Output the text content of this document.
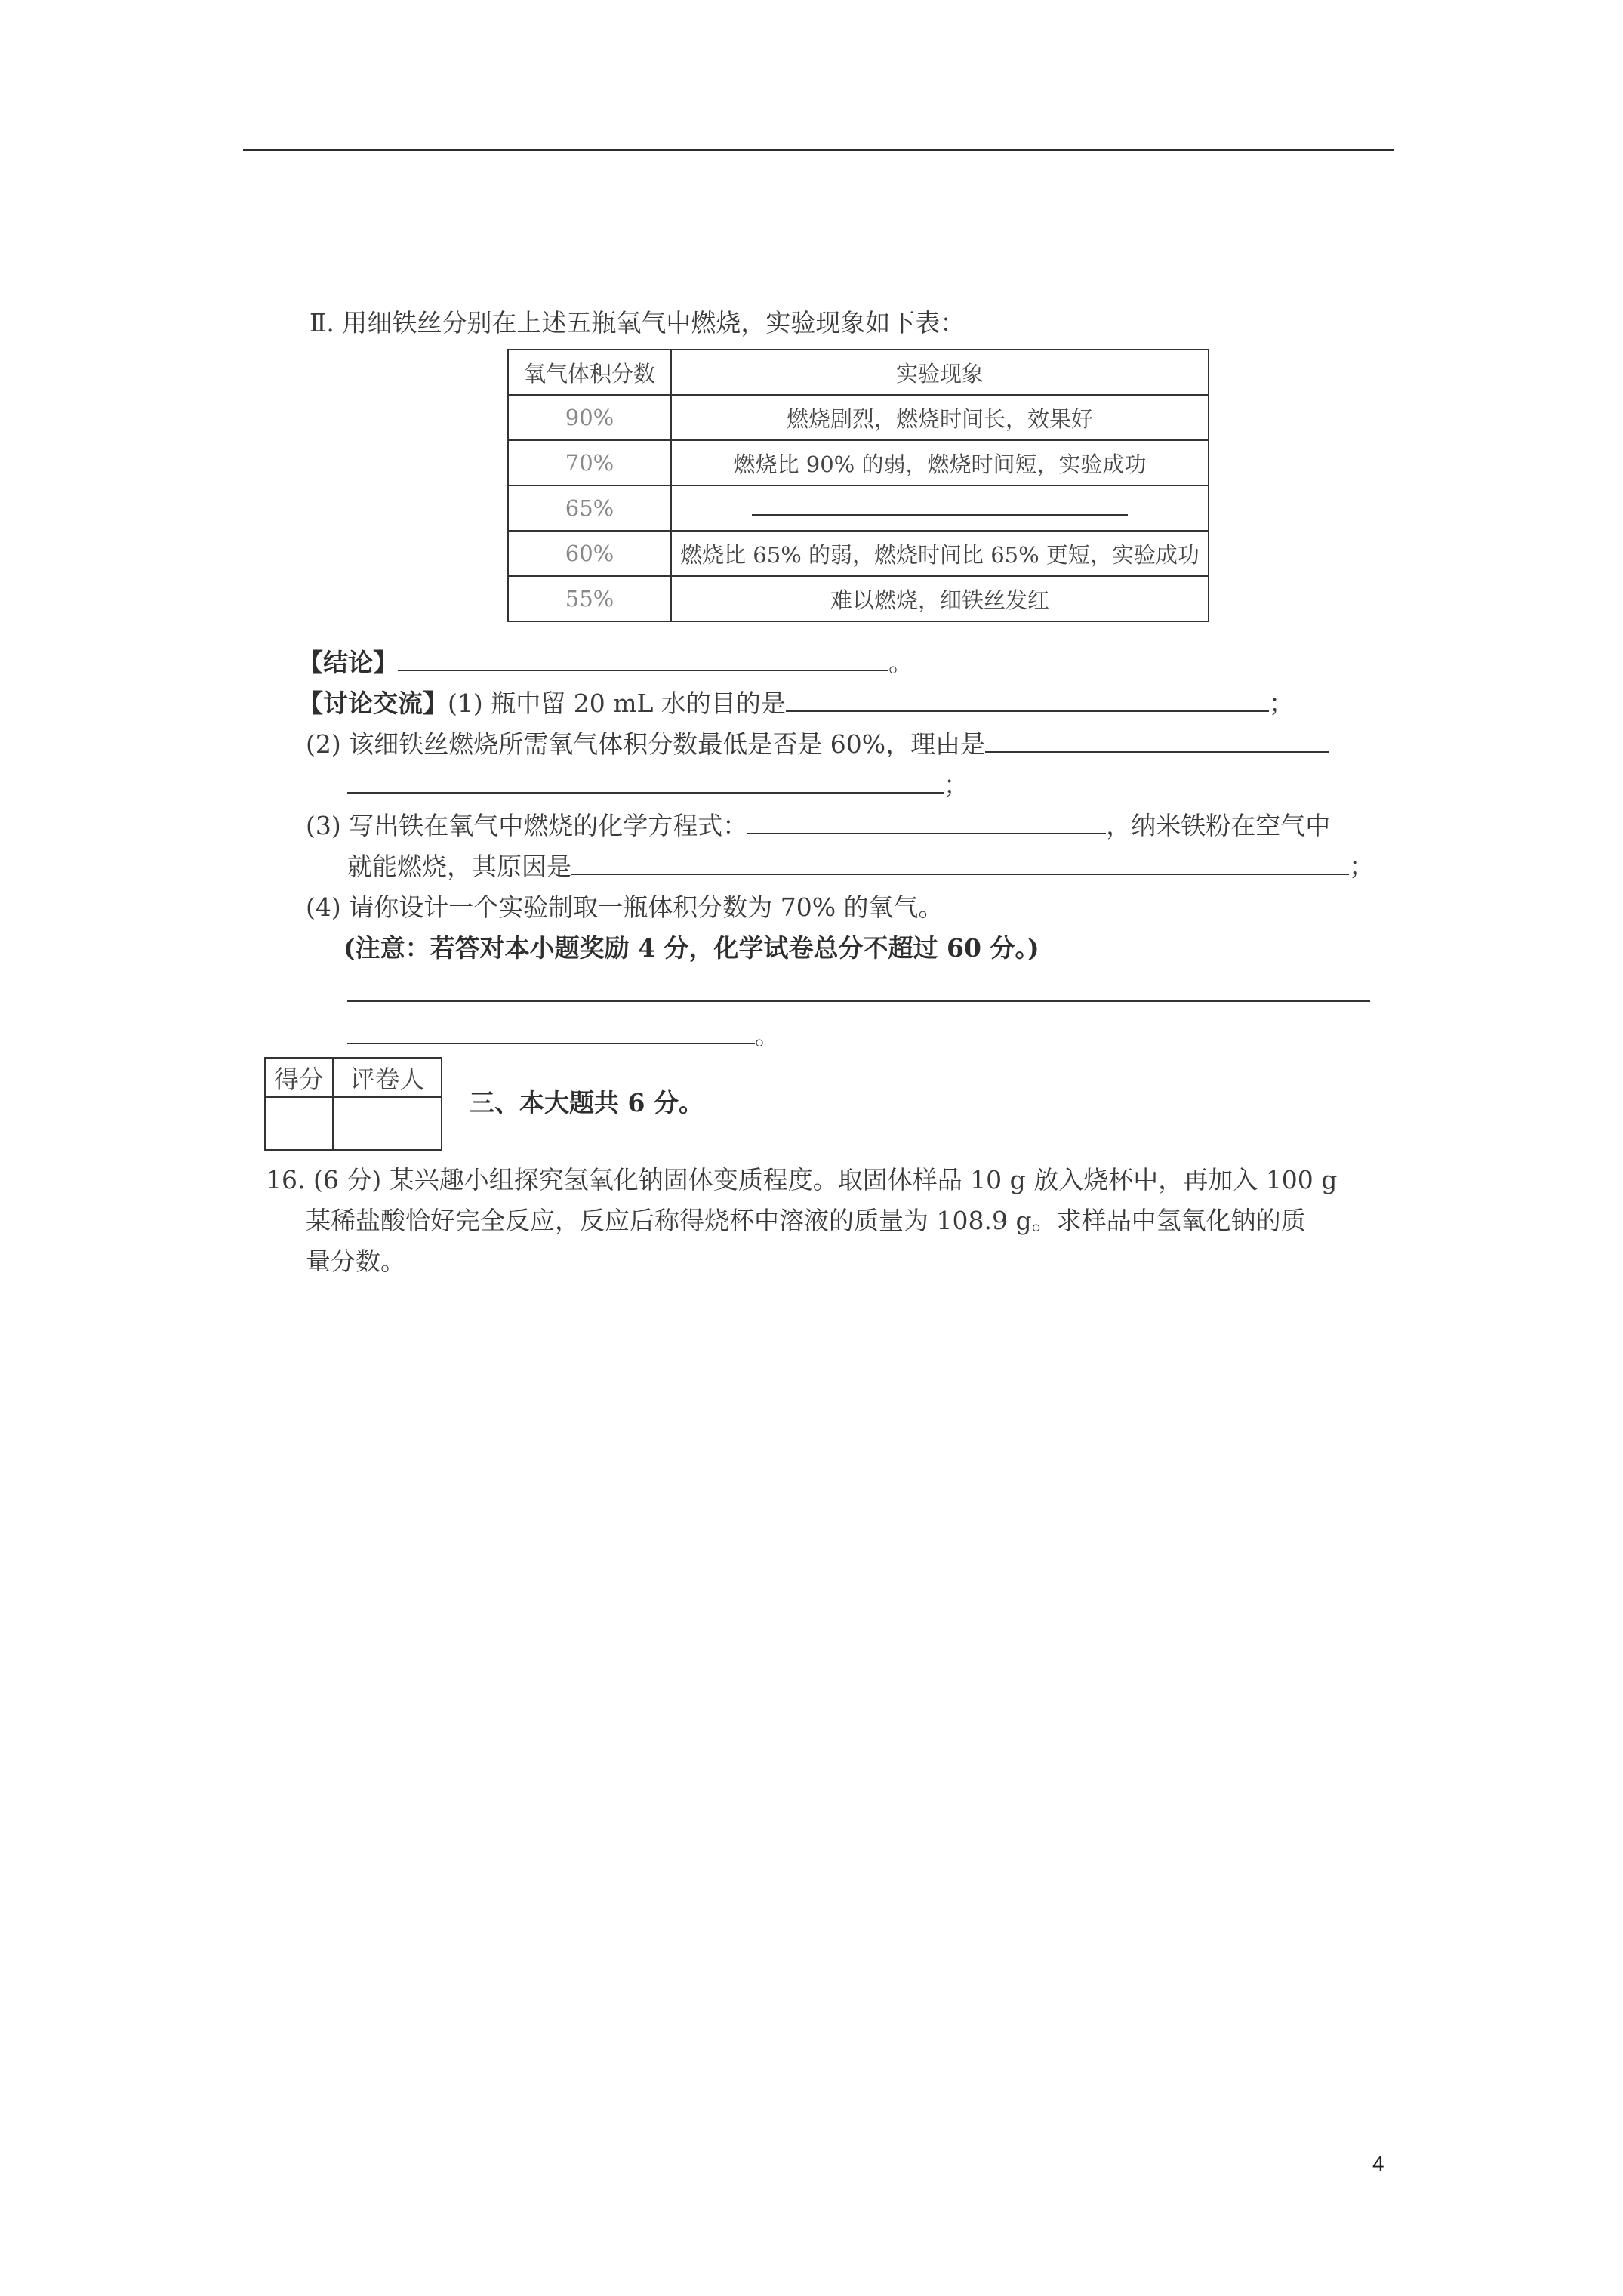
Ⅱ. 用细铁丝分别在上述五瓶氧气中燃烧，实验现象如下表：
氧气体积分数	实验现象
90%	燃烧剧烈，燃烧时间长，效果好
70%	燃烧比 90% 的弱，燃烧时间短，实验成功
65%	
60%	燃烧比 65% 的弱，燃烧时间比 65% 更短，实验成功
55%	难以燃烧，细铁丝发红
【结论】	。
【讨论交流】(1) 瓶中留 20 mL 水的目的是	；
(2) 该细铁丝燃烧所需氧气体积分数最低是否是 60%，理由是
；
(3) 写出铁在氧气中燃烧的化学方程式：	，纳米铁粉在空气中
就能燃烧，其原因是	；
(4) 请你设计一个实验制取一瓶体积分数为 70% 的氧气。
(注意：若答对本小题奖励 4 分，化学试卷总分不超过 60 分。)
。
得分	评卷人

三、本大题共 6 分。
16. (6 分) 某兴趣小组探究氢氧化钠固体变质程度。取固体样品 10 g 放入烧杯中，再加入 100 g
某稀盐酸恰好完全反应，反应后称得烧杯中溶液的质量为 108.9 g。求样品中氢氧化钠的质
量分数。
4
